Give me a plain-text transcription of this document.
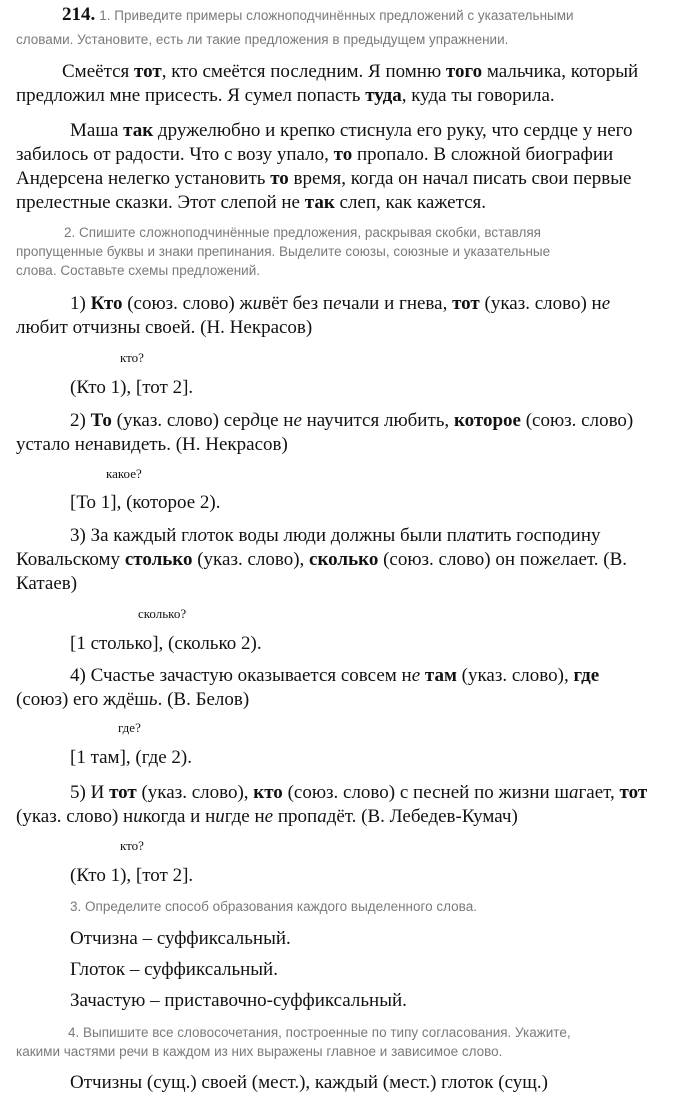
214. 1. Приведите примеры сложноподчинённых предложений с указательными
словами. Установите, есть ли такие предложения в предыдущем упражнении.
Смеётся тот, кто смеётся последним. Я помню того мальчика, который
предложил мне присесть. Я сумел попасть туда, куда ты говорила.
Маша так дружелюбно и крепко стиснула его руку, что сердце у него
забилось от радости. Что с возу упало, то пропало. В сложной биографии
Андерсена нелегко установить то время, когда он начал писать свои первые
прелестные сказки. Этот слепой не так слеп, как кажется.
2. Спишите сложноподчинённые предложения, раскрывая скобки, вставляя
пропущенные буквы и знаки препинания. Выделите союзы, союзные и указательные
слова. Составьте схемы предложений.
1) Кто (союз. слово) живёт без печали и гнева, тот (указ. слово) не
любит отчизны своей. (Н. Некрасов)
кто?
(Кто 1), [тот 2].
2) То (указ. слово) сердце не научится любить, которое (союз. слово)
устало ненавидеть. (Н. Некрасов)
какое?
[То 1], (которое 2).
3) За каждый глоток воды люди должны были платить господину
Ковальскому столько (указ. слово), сколько (союз. слово) он пожелает. (В.
Катаев)
сколько?
[1 столько], (сколько 2).
4) Счастье зачастую оказывается совсем не там (указ. слово), где
(союз) его ждёшь. (В. Белов)
где?
[1 там], (где 2).
5) И тот (указ. слово), кто (союз. слово) с песней по жизни шагает, тот
(указ. слово) никогда и нигде не пропадёт. (В. Лебедев-Кумач)
кто?
(Кто 1), [тот 2].
3. Определите способ образования каждого выделенного слова.
Отчизна – суффиксальный.
Глоток – суффиксальный.
Зачастую – приставочно-суффиксальный.
4. Выпишите все словосочетания, построенные по типу согласования. Укажите,
какими частями речи в каждом из них выражены главное и зависимое слово.
Отчизны (сущ.) своей (мест.), каждый (мест.) глоток (сущ.)
